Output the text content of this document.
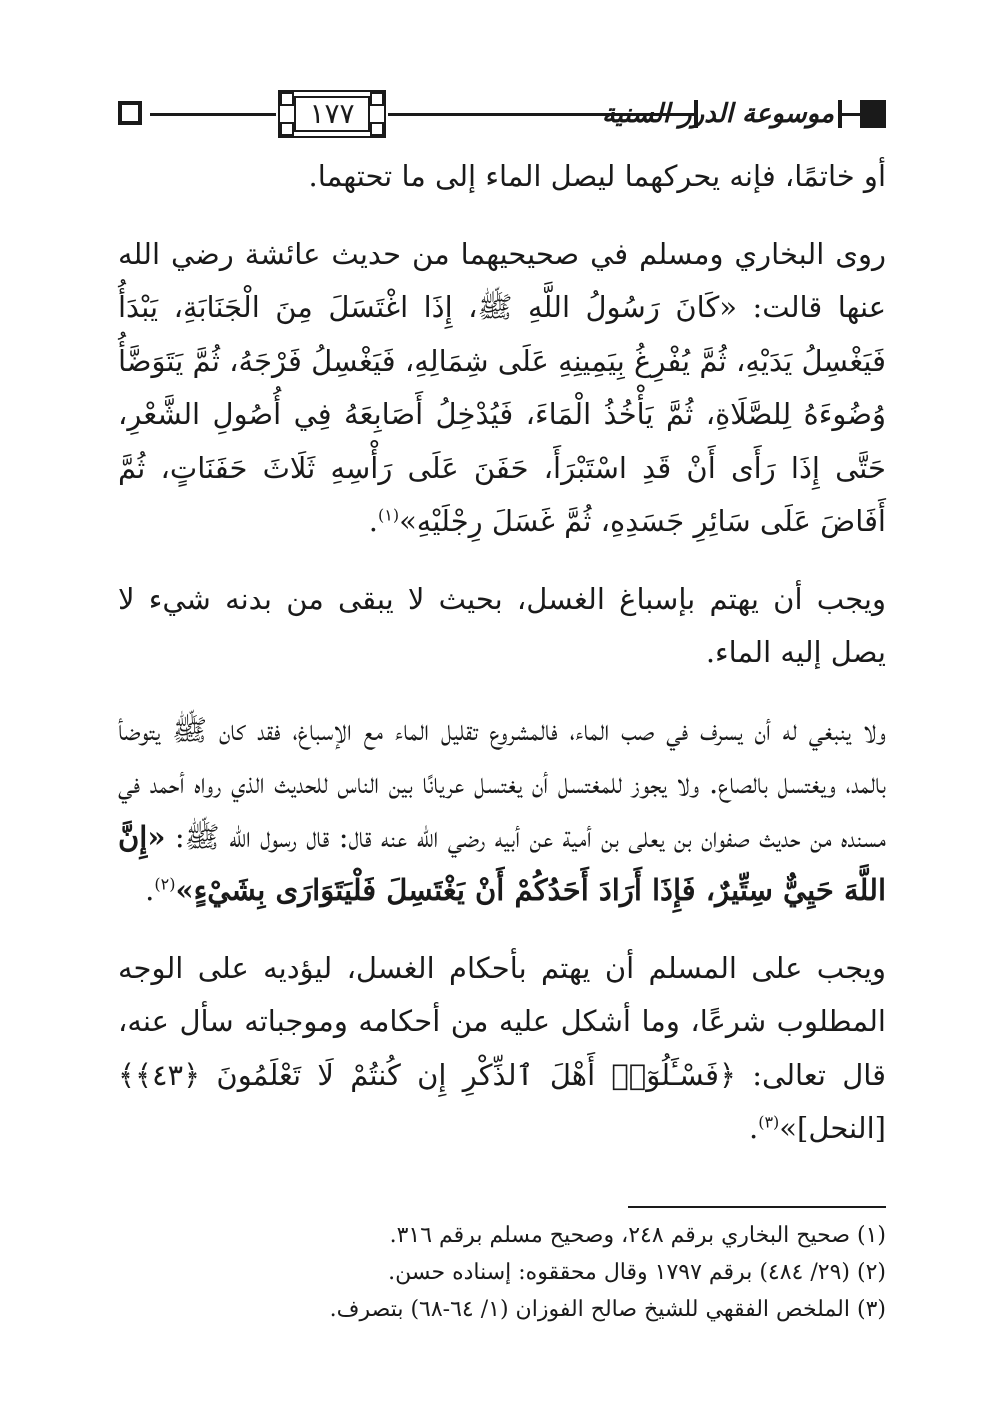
١٧٧	موسوعة الدرر السنية

أو خاتمًا، فإنه يحركهما ليصل الماء إلى ما تحتهما.

روى البخاري ومسلم في صحيحيهما من حديث عائشة رضي الله عنها قالت: «كَانَ رَسُولُ اللَّهِ ﷺ، إِذَا اغْتَسَلَ مِنَ الْجَنَابَةِ، يَبْدَأُ فَيَغْسِلُ يَدَيْهِ، ثُمَّ يُفْرِغُ بِيَمِينِهِ عَلَى شِمَالِهِ، فَيَغْسِلُ فَرْجَهُ، ثُمَّ يَتَوَضَّأُ وُضُوءَهُ لِلصَّلَاةِ، ثُمَّ يَأْخُذُ الْمَاءَ، فَيُدْخِلُ أَصَابِعَهُ فِي أُصُولِ الشَّعْرِ، حَتَّى إِذَا رَأَى أَنْ قَدِ اسْتَبْرَأَ، حَفَنَ عَلَى رَأْسِهِ ثَلَاثَ حَفَنَاتٍ، ثُمَّ أَفَاضَ عَلَى سَائِرِ جَسَدِهِ، ثُمَّ غَسَلَ رِجْلَيْهِ»$^{(١)}$.

ويجب أن يهتم بإسباغ الغسل، بحيث لا يبقى من بدنه شيء لا يصل إليه الماء.

ولا ينبغي له أن يسرف في صب الماء، فالمشروع تقليل الماء مع الإسباغ، فقد كان ﷺ يتوضأ بالمد، ويغتسل بالصاع. ولا يجوز للمغتسل أن يغتسل عريانًا بين الناس للحديث الذي رواه أحمد في مسنده من حديث صفوان بن يعلى بن أمية عن أبيه رضي الله عنه قال: قال رسول الله ﷺ: «إِنَّ اللَّهَ حَيِيٌّ سِتِّيرٌ، فَإِذَا أَرَادَ أَحَدُكُمْ أَنْ يَغْتَسِلَ فَلْيَتَوَارَى بِشَيْءٍ»$^{(٢)}$.

ويجب على المسلم أن يهتم بأحكام الغسل، ليؤديه على الوجه المطلوب شرعًا، وما أشكل عليه من أحكامه وموجباته سأل عنه، قال تعالى: ﴿فَسْـَٔلُوٓا۟ أَهْلَ ٱلذِّكْرِ إِن كُنتُمْ لَا تَعْلَمُونَ ﴿٤٣﴾﴾ [النحل]»$^{(٣)}$.

(١) صحيح البخاري برقم ٢٤٨، وصحيح مسلم برقم ٣١٦.

(٢) (٢٩/ ٤٨٤) برقم ١٧٩٧ وقال محققوه: إسناده حسن.

(٣) الملخص الفقهي للشيخ صالح الفوزان (١/ ٦٤-٦٨) بتصرف.
